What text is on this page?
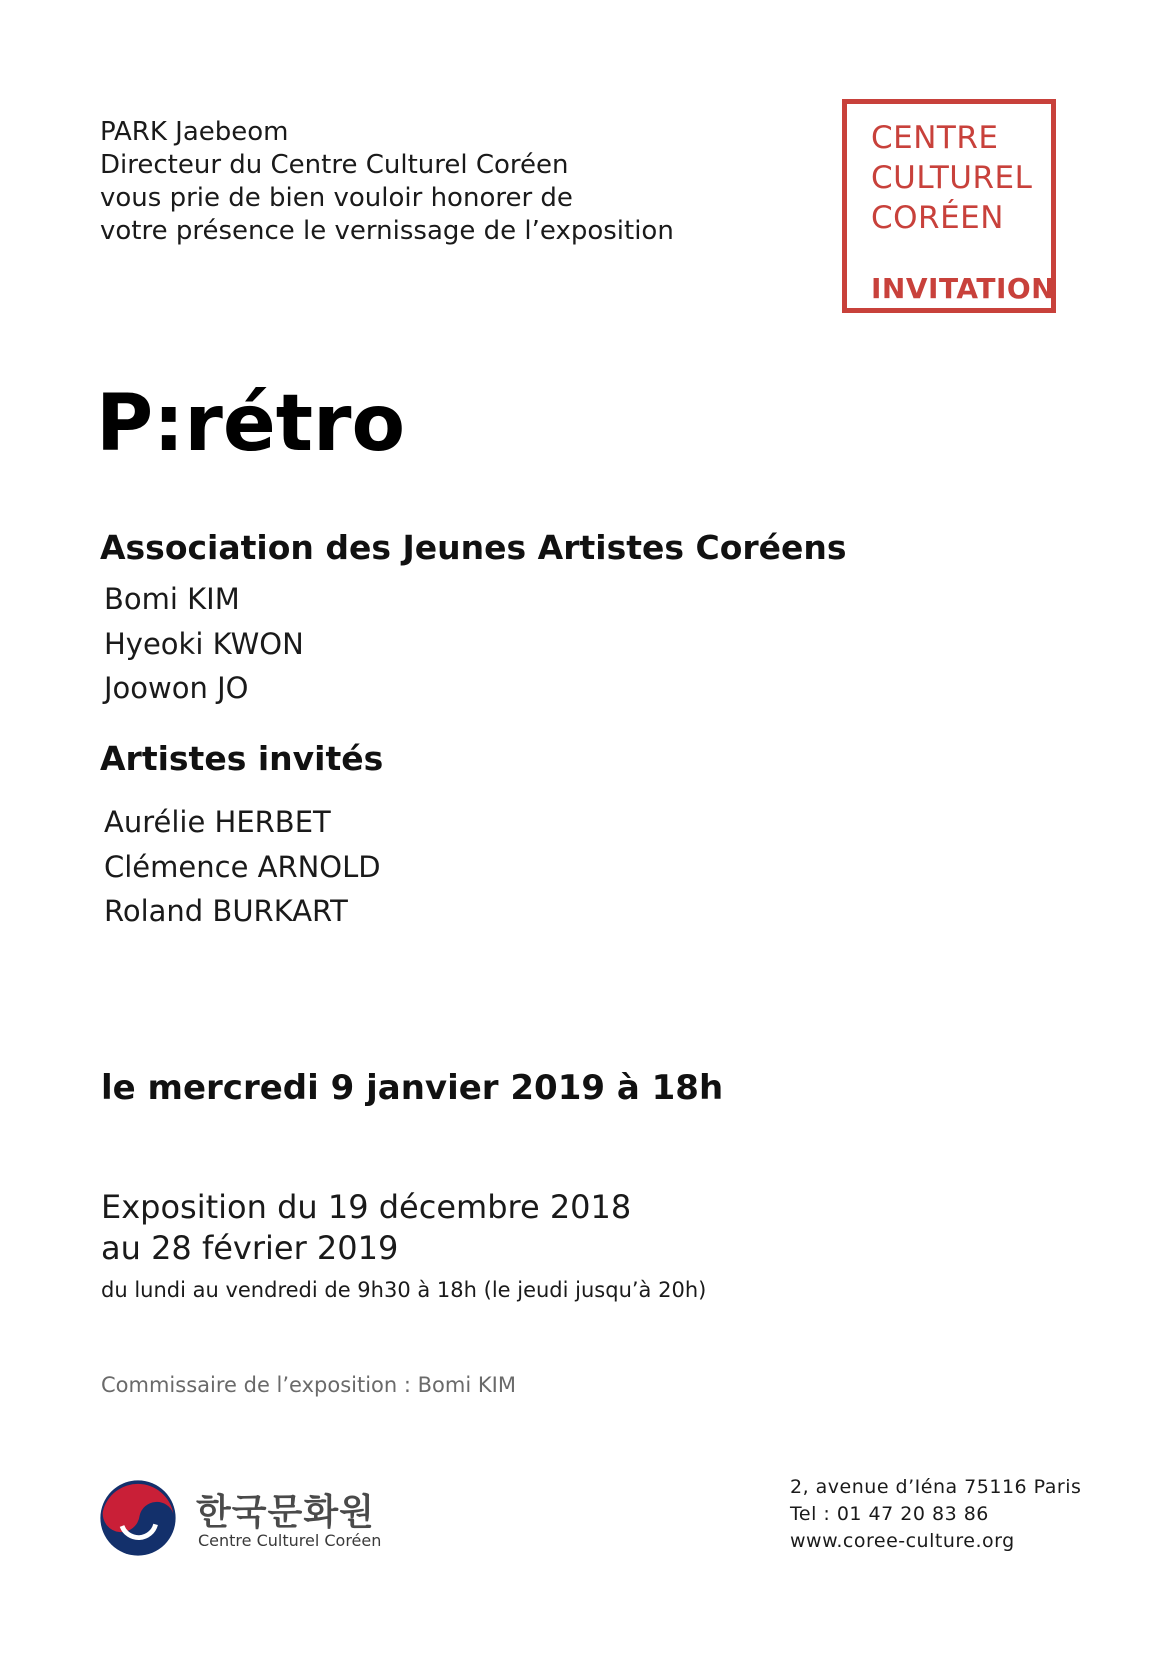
PARK Jaebeom
Directeur du Centre Culturel Coréen
vous prie de bien vouloir honorer de
votre présence le vernissage de l’exposition
CENTRE
CULTUREL
CORÉEN
INVITATION
P:rétro
Association des Jeunes Artistes Coréens
Bomi KIM
Hyeoki KWON
Joowon JO
Artistes invités
Aurélie HERBET
Clémence ARNOLD
Roland BURKART
le mercredi 9 janvier 2019 à 18h
Exposition du 19 décembre 2018
au 28 février 2019
du lundi au vendredi de 9h30 à 18h (le jeudi jusqu’à 20h)
Commissaire de l’exposition : Bomi KIM
한국문화원
Centre Culturel Coréen
2, avenue d’Iéna 75116 Paris
Tel : 01 47 20 83 86
www.coree-culture.org
